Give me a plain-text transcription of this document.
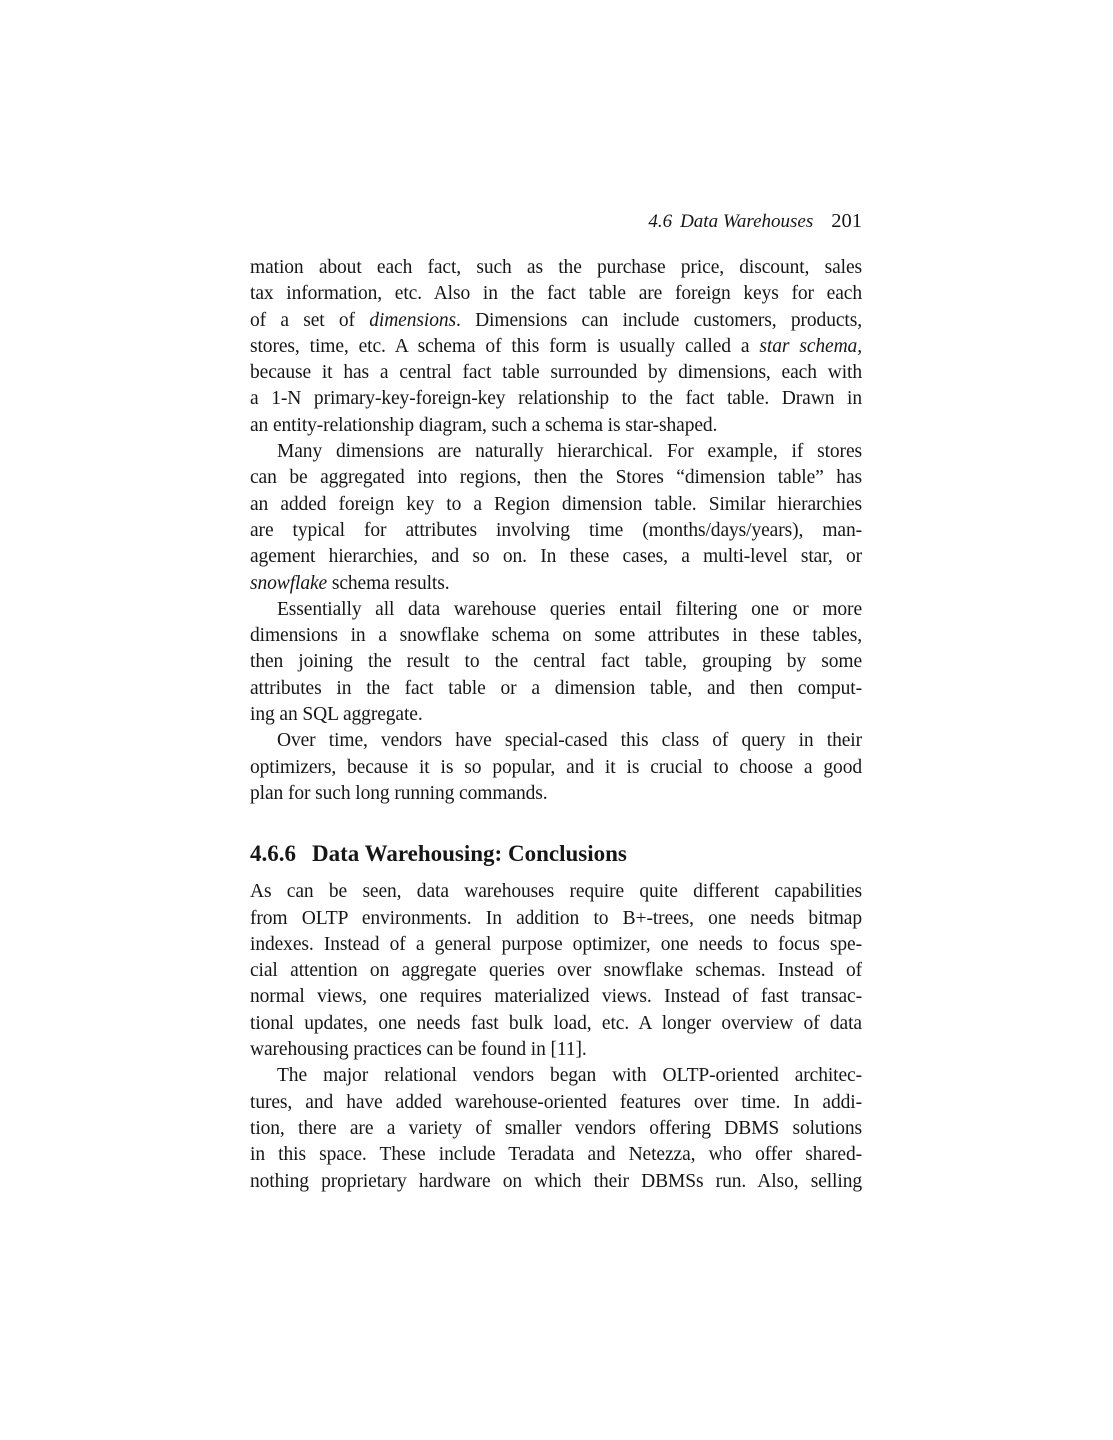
4.6 Data Warehouses 201
mation about each fact, such as the purchase price, discount, sales
tax information, etc. Also in the fact table are foreign keys for each
of a set of dimensions. Dimensions can include customers, products,
stores, time, etc. A schema of this form is usually called a star schema,
because it has a central fact table surrounded by dimensions, each with
a 1-N primary-key-foreign-key relationship to the fact table. Drawn in
an entity-relationship diagram, such a schema is star-shaped.
Many dimensions are naturally hierarchical. For example, if stores
can be aggregated into regions, then the Stores “dimension table” has
an added foreign key to a Region dimension table. Similar hierarchies
are typical for attributes involving time (months/days/years), man-
agement hierarchies, and so on. In these cases, a multi-level star, or
snowflake schema results.
Essentially all data warehouse queries entail filtering one or more
dimensions in a snowflake schema on some attributes in these tables,
then joining the result to the central fact table, grouping by some
attributes in the fact table or a dimension table, and then comput-
ing an SQL aggregate.
Over time, vendors have special-cased this class of query in their
optimizers, because it is so popular, and it is crucial to choose a good
plan for such long running commands.
4.6.6 Data Warehousing: Conclusions
As can be seen, data warehouses require quite different capabilities
from OLTP environments. In addition to B+-trees, one needs bitmap
indexes. Instead of a general purpose optimizer, one needs to focus spe-
cial attention on aggregate queries over snowflake schemas. Instead of
normal views, one requires materialized views. Instead of fast transac-
tional updates, one needs fast bulk load, etc. A longer overview of data
warehousing practices can be found in [11].
The major relational vendors began with OLTP-oriented architec-
tures, and have added warehouse-oriented features over time. In addi-
tion, there are a variety of smaller vendors offering DBMS solutions
in this space. These include Teradata and Netezza, who offer shared-
nothing proprietary hardware on which their DBMSs run. Also, selling
